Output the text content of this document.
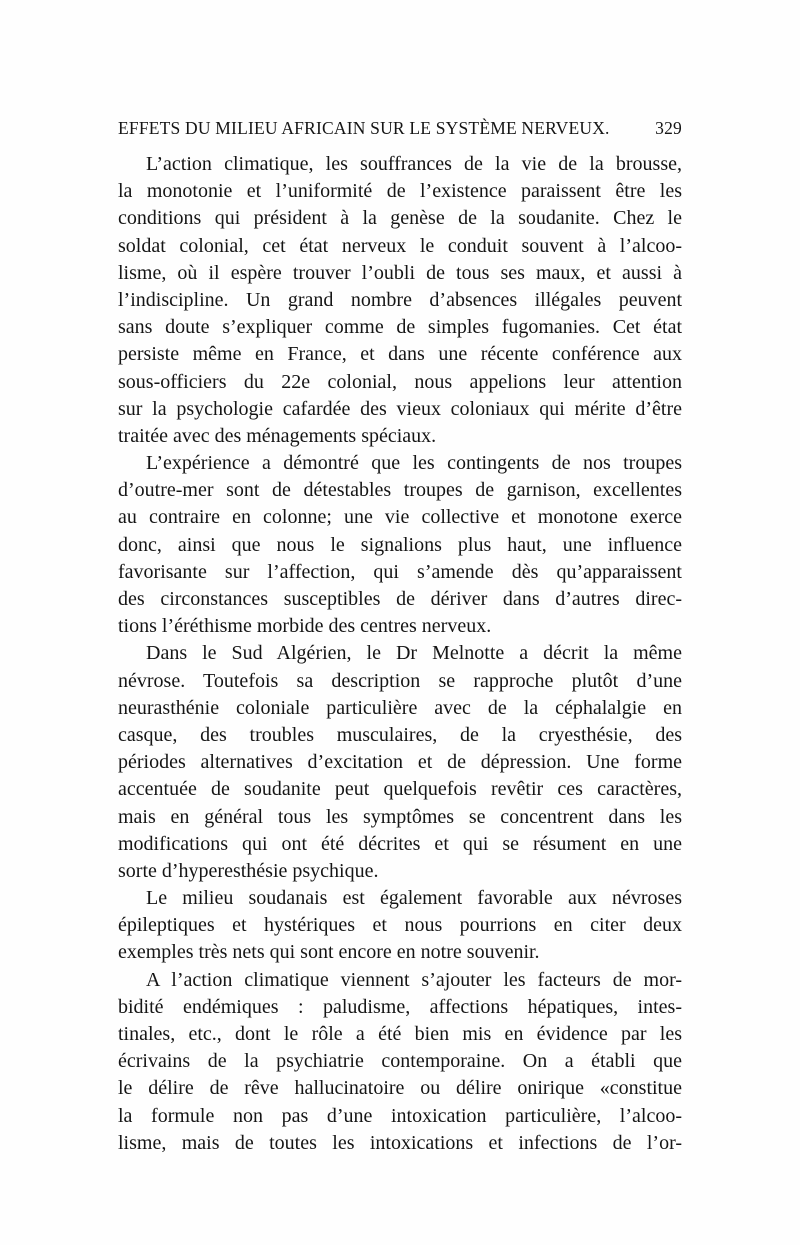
EFFETS DU MILIEU AFRICAIN SUR LE SYSTÈME NERVEUX.	329
L’action climatique, les souffrances de la vie de la brousse,
la monotonie et l’uniformité de l’existence paraissent être les
conditions qui président à la genèse de la soudanite. Chez le
soldat colonial, cet état nerveux le conduit souvent à l’alcoo-
lisme, où il espère trouver l’oubli de tous ses maux, et aussi à
l’indiscipline. Un grand nombre d’absences illégales peuvent
sans doute s’expliquer comme de simples fugomanies. Cet état
persiste même en France, et dans une récente conférence aux
sous-officiers du 22e colonial, nous appelions leur attention
sur la psychologie cafardée des vieux coloniaux qui mérite d’être
traitée avec des ménagements spéciaux.
L’expérience a démontré que les contingents de nos troupes
d’outre-mer sont de détestables troupes de garnison, excellentes
au contraire en colonne; une vie collective et monotone exerce
donc, ainsi que nous le signalions plus haut, une influence
favorisante sur l’affection, qui s’amende dès qu’apparaissent
des circonstances susceptibles de dériver dans d’autres direc-
tions l’éréthisme morbide des centres nerveux.
Dans le Sud Algérien, le Dr Melnotte a décrit la même
névrose. Toutefois sa description se rapproche plutôt d’une
neurasthénie coloniale particulière avec de la céphalalgie en
casque, des troubles musculaires, de la cryesthésie, des
périodes alternatives d’excitation et de dépression. Une forme
accentuée de soudanite peut quelquefois revêtir ces caractères,
mais en général tous les symptômes se concentrent dans les
modifications qui ont été décrites et qui se résument en une
sorte d’hyperesthésie psychique.
Le milieu soudanais est également favorable aux névroses
épileptiques et hystériques et nous pourrions en citer deux
exemples très nets qui sont encore en notre souvenir.
A l’action climatique viennent s’ajouter les facteurs de mor-
bidité endémiques : paludisme, affections hépatiques, intes-
tinales, etc., dont le rôle a été bien mis en évidence par les
écrivains de la psychiatrie contemporaine. On a établi que
le délire de rêve hallucinatoire ou délire onirique «constitue
la formule non pas d’une intoxication particulière, l’alcoo-
lisme, mais de toutes les intoxications et infections de l’or-
